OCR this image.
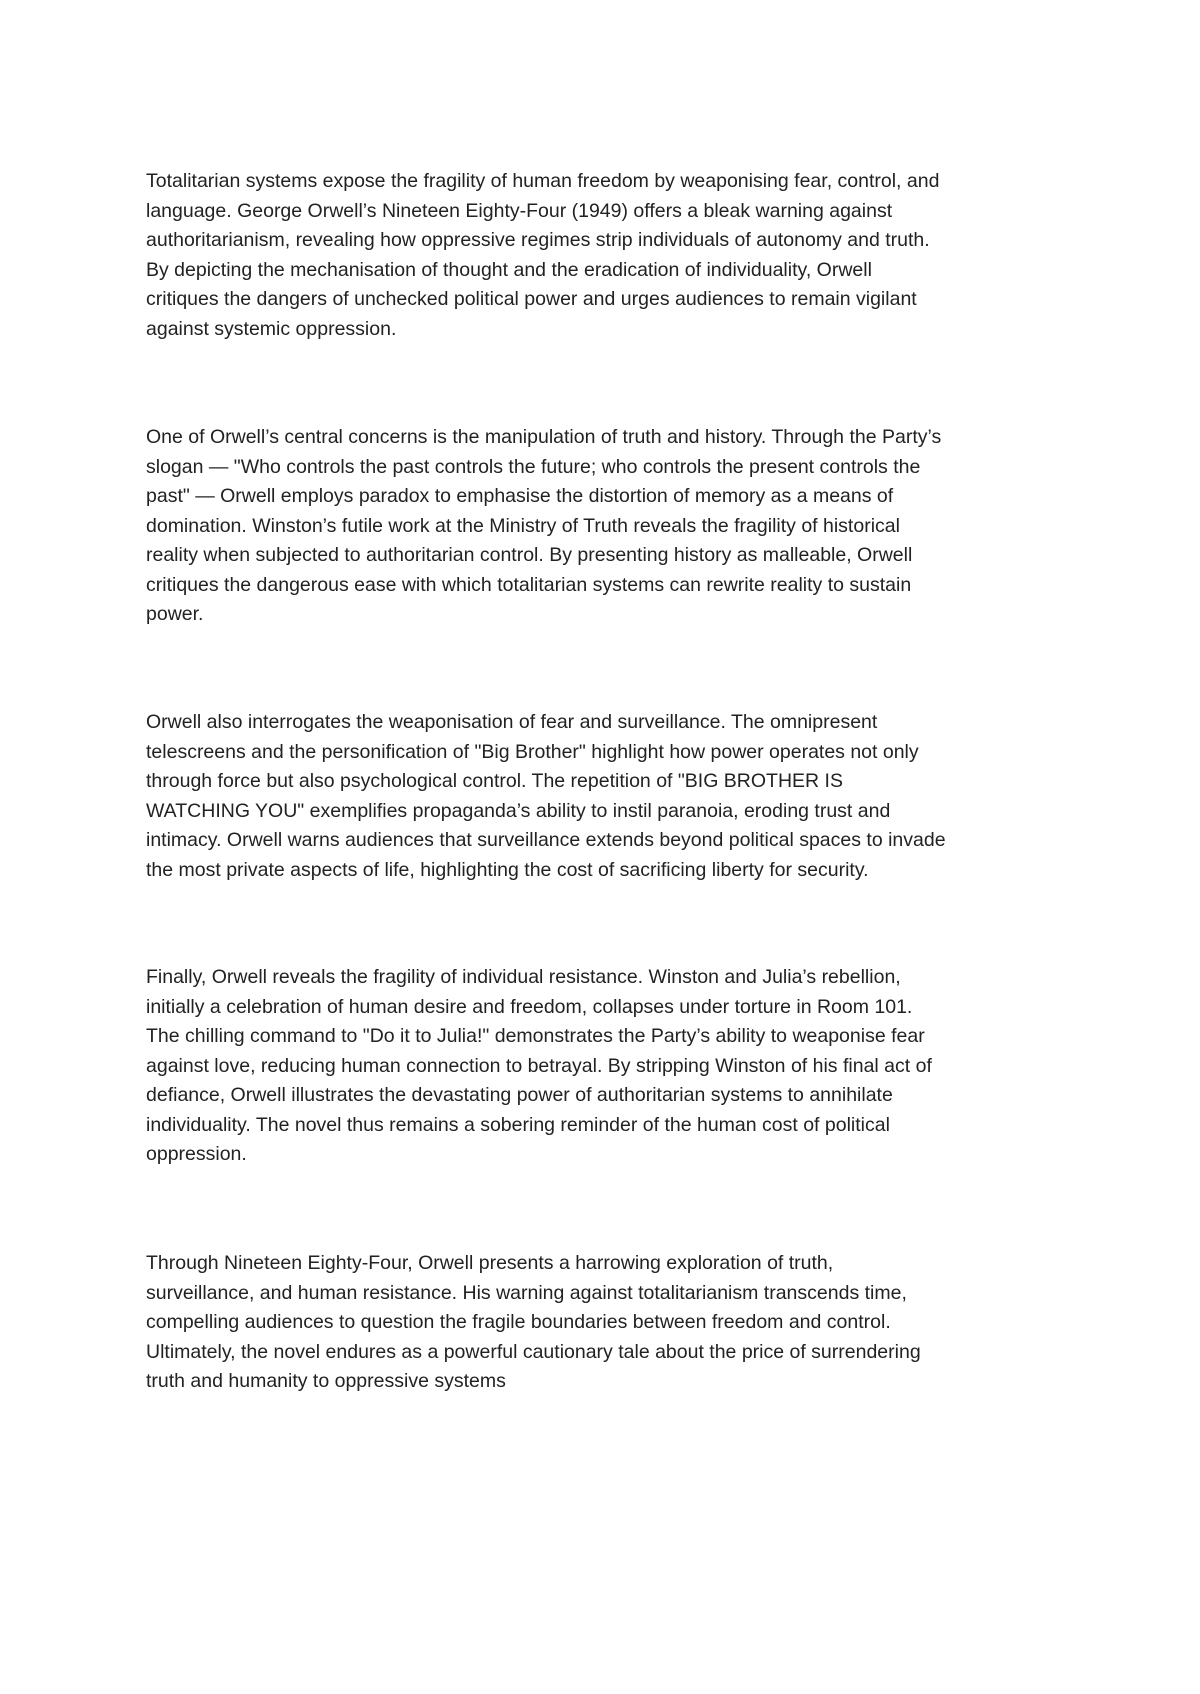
Totalitarian systems expose the fragility of human freedom by weaponising fear, control, and
language. George Orwell’s Nineteen Eighty-Four (1949) offers a bleak warning against
authoritarianism, revealing how oppressive regimes strip individuals of autonomy and truth.
By depicting the mechanisation of thought and the eradication of individuality, Orwell
critiques the dangers of unchecked political power and urges audiences to remain vigilant
against systemic oppression.

One of Orwell’s central concerns is the manipulation of truth and history. Through the Party’s
slogan — "Who controls the past controls the future; who controls the present controls the
past" — Orwell employs paradox to emphasise the distortion of memory as a means of
domination. Winston’s futile work at the Ministry of Truth reveals the fragility of historical
reality when subjected to authoritarian control. By presenting history as malleable, Orwell
critiques the dangerous ease with which totalitarian systems can rewrite reality to sustain
power.

Orwell also interrogates the weaponisation of fear and surveillance. The omnipresent
telescreens and the personification of "Big Brother" highlight how power operates not only
through force but also psychological control. The repetition of "BIG BROTHER IS
WATCHING YOU" exemplifies propaganda’s ability to instil paranoia, eroding trust and
intimacy. Orwell warns audiences that surveillance extends beyond political spaces to invade
the most private aspects of life, highlighting the cost of sacrificing liberty for security.

Finally, Orwell reveals the fragility of individual resistance. Winston and Julia’s rebellion,
initially a celebration of human desire and freedom, collapses under torture in Room 101.
The chilling command to "Do it to Julia!" demonstrates the Party’s ability to weaponise fear
against love, reducing human connection to betrayal. By stripping Winston of his final act of
defiance, Orwell illustrates the devastating power of authoritarian systems to annihilate
individuality. The novel thus remains a sobering reminder of the human cost of political
oppression.

Through Nineteen Eighty-Four, Orwell presents a harrowing exploration of truth,
surveillance, and human resistance. His warning against totalitarianism transcends time,
compelling audiences to question the fragile boundaries between freedom and control.
Ultimately, the novel endures as a powerful cautionary tale about the price of surrendering
truth and humanity to oppressive systems
